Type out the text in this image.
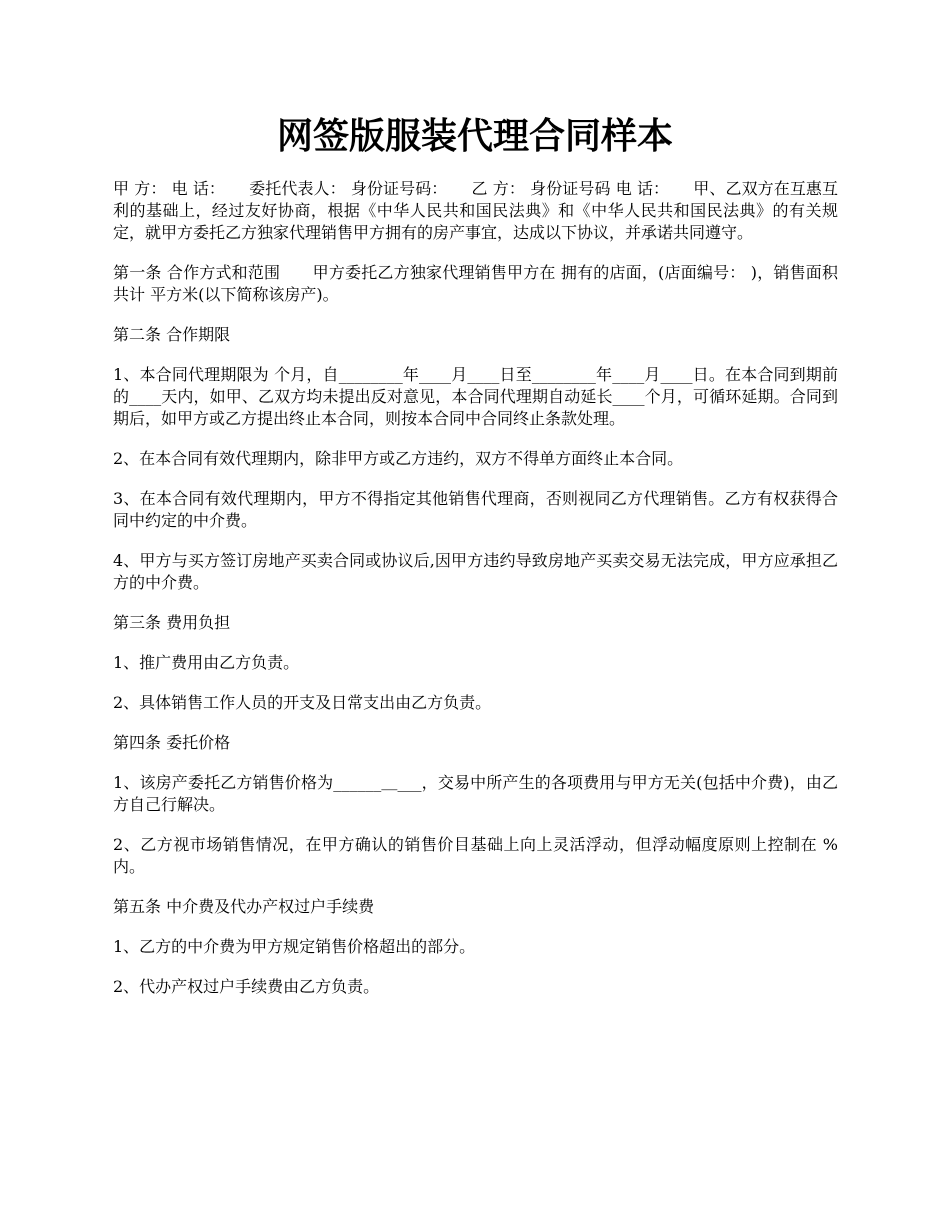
网签版服装代理合同样本

甲 方： 电 话：　　委托代表人： 身份证号码：　　乙 方： 身份证号码 电 话：　　甲、乙双方在互惠互利的基础上，经过友好协商，根据《中华人民共和国民法典》和《中华人民共和国民法典》的有关规定，就甲方委托乙方独家代理销售甲方拥有的房产事宜，达成以下协议，并承诺共同遵守。

第一条 合作方式和范围　　甲方委托乙方独家代理销售甲方在 拥有的店面，(店面编号： )，销售面积共计 平方米(以下简称该房产)。

第二条 合作期限

1、本合同代理期限为 个月，自________年____月____日至________年____月____日。在本合同到期前的____天内，如甲、乙双方均未提出反对意见，本合同代理期自动延长____个月，可循环延期。合同到期后，如甲方或乙方提出终止本合同，则按本合同中合同终止条款处理。

2、在本合同有效代理期内，除非甲方或乙方违约，双方不得单方面终止本合同。

3、在本合同有效代理期内，甲方不得指定其他销售代理商，否则视同乙方代理销售。乙方有权获得合同中约定的中介费。

4、甲方与买方签订房地产买卖合同或协议后,因甲方违约导致房地产买卖交易无法完成，甲方应承担乙方的中介费。

第三条 费用负担

1、推广费用由乙方负责。

2、具体销售工作人员的开支及日常支出由乙方负责。

第四条 委托价格

1、该房产委托乙方销售价格为______＿___，交易中所产生的各项费用与甲方无关(包括中介费)，由乙方自己行解决。

2、乙方视市场销售情况，在甲方确认的销售价目基础上向上灵活浮动，但浮动幅度原则上控制在 %内。

第五条 中介费及代办产权过户手续费

1、乙方的中介费为甲方规定销售价格超出的部分。

2、代办产权过户手续费由乙方负责。
